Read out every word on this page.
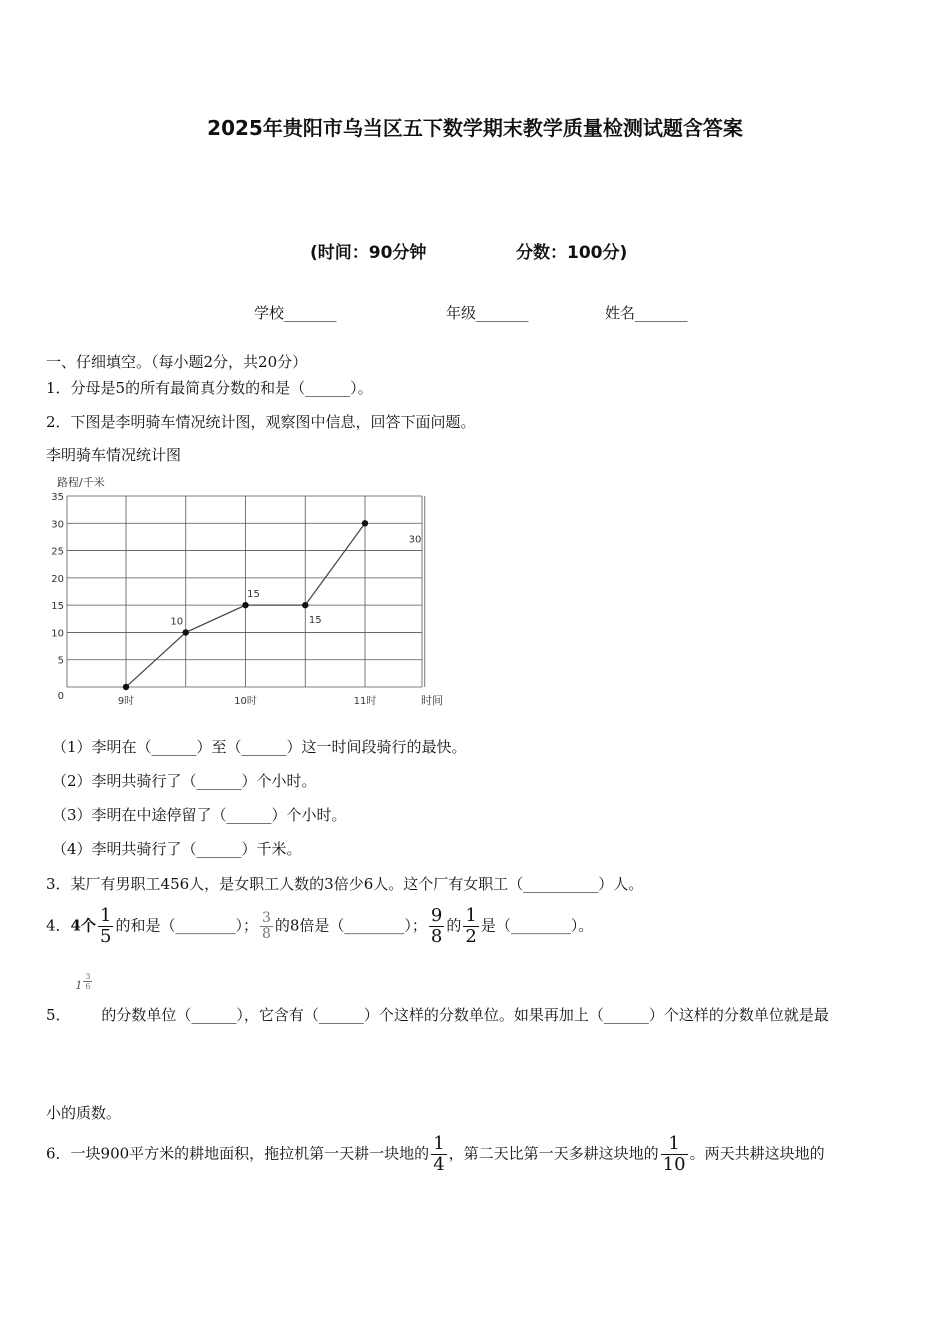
2025年贵阳市乌当区五下数学期末教学质量检测试题含答案
(时间：90分钟	分数：100分)
学校_______	年级_______	姓名_______
一、仔细填空。（每小题2分，共20分）
1．分母是5的所有最简真分数的和是（______）。
2．下图是李明骑车情况统计图，观察图中信息，回答下面问题。
李明骑车情况统计图
路程/千米
时间
0
5
10
15
20
25
30
35
9时	10时	11时
10
15
15
30
（1）李明在（______）至（______）这一时间段骑行的最快。
（2）李明共骑行了（______）个小时。
（3）李明在中途停留了（______）个小时。
（4）李明共骑行了（______）千米。
3．某厂有男职工456人，是女职工人数的3倍少6人。这个厂有女职工（__________）人。
4．4个 $\frac{1}{5}$ 的和是（________）； $\frac{3}{8}$ 的8倍是（________）； $\frac{9}{8}$ 的 $\frac{1}{2}$ 是（________）。
5．
$1 \frac{3}{6}$
的分数单位（______），它含有（______）个这样的分数单位。如果再加上（______）个这样的分数单位就是最
小的质数。
6．一块900平方米的耕地面积，拖拉机第一天耕一块地的 $\frac{1}{4}$ ，第二天比第一天多耕这块地的 $\frac{1}{10}$ 。两天共耕这块地的
